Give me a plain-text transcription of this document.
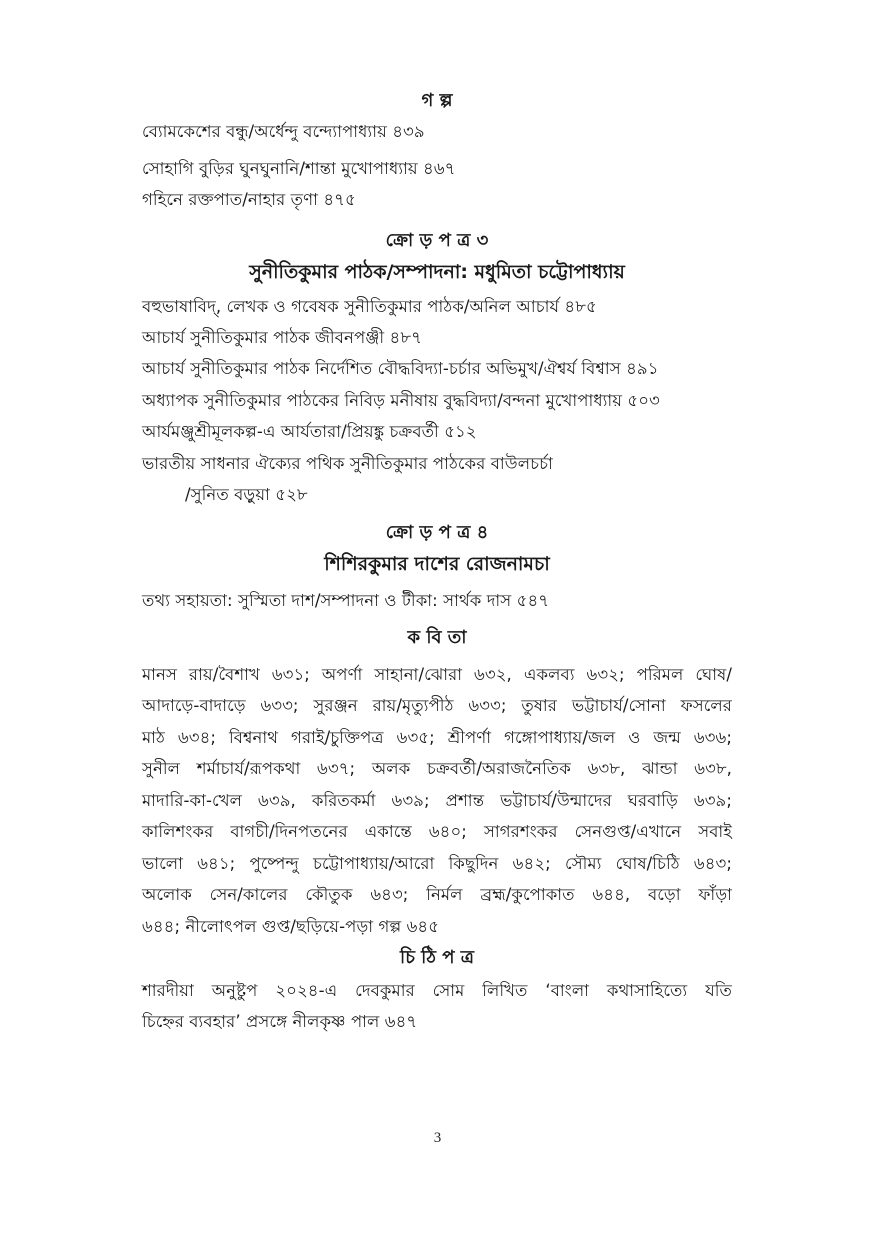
গ ল্প
ব্যোমকেশের বন্ধু/অর্ধেন্দু বন্দ্যোপাধ্যায় ৪৩৯
সোহাগি বুড়ির ঘুনঘুনানি/শান্তা মুখোপাধ্যায় ৪৬৭
গহিনে রক্তপাত/নাহার তৃণা ৪৭৫
ক্রো ড় প ত্র ৩
সুনীতিকুমার পাঠক/সম্পাদনা: মধুমিতা চট্টোপাধ্যায়
বহুভাষাবিদ্, লেখক ও গবেষক সুনীতিকুমার পাঠক/অনিল আচার্য ৪৮৫
আচার্য সুনীতিকুমার পাঠক জীবনপঞ্জী ৪৮৭
আচার্য সুনীতিকুমার পাঠক নির্দেশিত বৌদ্ধবিদ্যা-চর্চার অভিমুখ/ঐশ্বর্য বিশ্বাস ৪৯১
অধ্যাপক সুনীতিকুমার পাঠকের নিবিড় মনীষায় বুদ্ধবিদ্যা/বন্দনা মুখোপাধ্যায় ৫০৩
আর্যমঞ্জুশ্রীমূলকল্প-এ আর্যতারা/প্রিয়ঙ্কু চক্রবর্তী ৫১২
ভারতীয় সাধনার ঐক্যের পথিক সুনীতিকুমার পাঠকের বাউলচর্চা
/সুনিত বড়ুয়া ৫২৮
ক্রো ড় প ত্র ৪
শিশিরকুমার দাশের রোজনামচা
তথ্য সহায়তা: সুস্মিতা দাশ/সম্পাদনা ও টীকা: সার্থক দাস ৫৪৭
ক বি তা
মানস রায়/বৈশাখ ৬৩১; অপর্ণা সাহানা/ঝোরা ৬৩২, একলব্য ৬৩২; পরিমল ঘোষ/
আদাড়ে-বাদাড়ে ৬৩৩; সুরঞ্জন রায়/মৃত্যুপীঠ ৬৩৩; তুষার ভট্টাচার্য/সোনা ফসলের
মাঠ ৬৩৪; বিশ্বনাথ গরাই/চুক্তিপত্র ৬৩৫; শ্রীপর্ণা গঙ্গোপাধ্যায়/জল ও জন্ম ৬৩৬;
সুনীল শর্মাচার্য/রূপকথা ৬৩৭; অলক চক্রবর্তী/অরাজনৈতিক ৬৩৮, ঝান্ডা ৬৩৮,
মাদারি-কা-খেল ৬৩৯, করিতকর্মা ৬৩৯; প্রশান্ত ভট্টাচার্য/উন্মাদের ঘরবাড়ি ৬৩৯;
কালিশংকর বাগচী/দিনপতনের একান্তে ৬৪০; সাগরশংকর সেনগুপ্ত/এখানে সবাই
ভালো ৬৪১; পুষ্পেন্দু চট্টোপাধ্যায়/আরো কিছুদিন ৬৪২; সৌম্য ঘোষ/চিঠি ৬৪৩;
অলোক সেন/কালের কৌতুক ৬৪৩; নির্মল ব্রহ্ম/কুপোকাত ৬৪৪, বড়ো ফাঁড়া
৬৪৪; নীলোৎপল গুপ্ত/ছড়িয়ে-পড়া গল্প ৬৪৫
চি ঠি প ত্র
শারদীয়া অনুষ্টুপ ২০২৪-এ দেবকুমার সোম লিখিত ‘বাংলা কথাসাহিত্যে যতি
চিহ্নের ব্যবহার’ প্রসঙ্গে নীলকৃষ্ণ পাল ৬৪৭
3
